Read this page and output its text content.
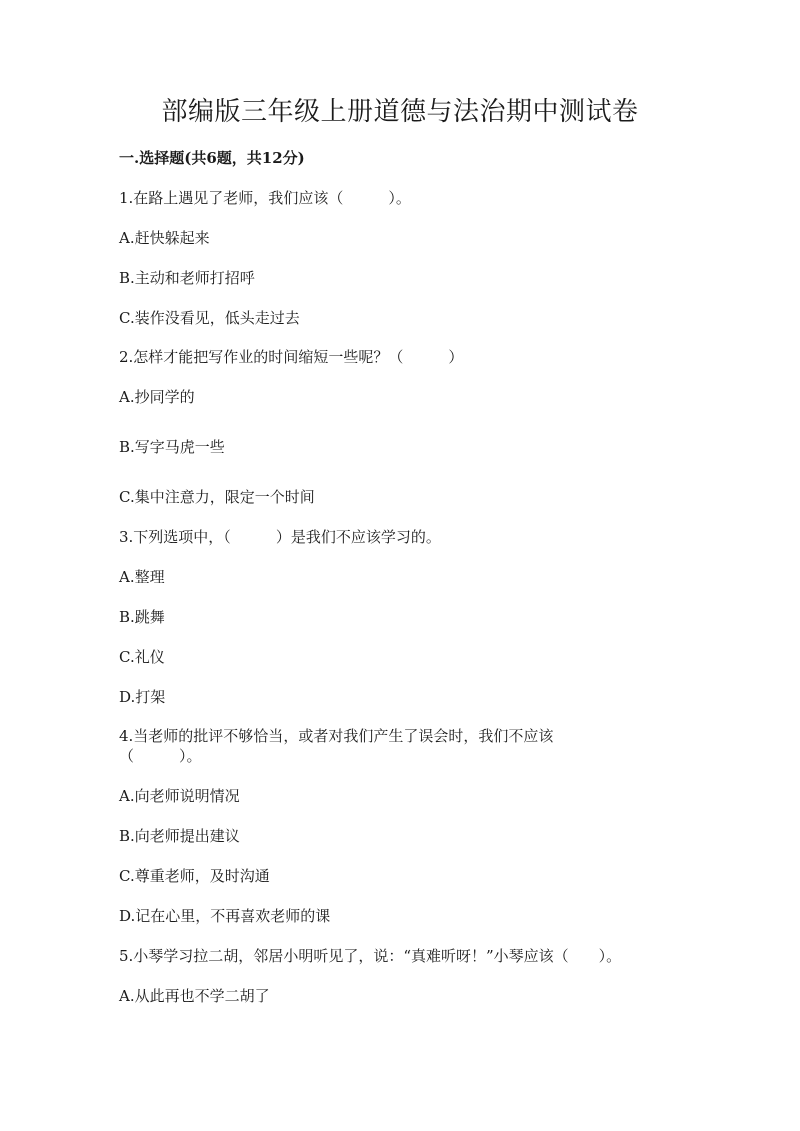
部编版三年级上册道德与法治期中测试卷
一.选择题(共6题，共12分)
1.在路上遇见了老师，我们应该（　　　）。
A.赶快躲起来
B.主动和老师打招呼
C.装作没看见，低头走过去
2.怎样才能把写作业的时间缩短一些呢？（　　　）
A.抄同学的
B.写字马虎一些
C.集中注意力，限定一个时间
3.下列选项中，（　　　）是我们不应该学习的。
A.整理
B.跳舞
C.礼仪
D.打架
4.当老师的批评不够恰当，或者对我们产生了误会时，我们不应该
（　　　）。
A.向老师说明情况
B.向老师提出建议
C.尊重老师，及时沟通
D.记在心里，不再喜欢老师的课
5.小琴学习拉二胡，邻居小明听见了，说：“真难听呀！”小琴应该（　　）。
A.从此再也不学二胡了
